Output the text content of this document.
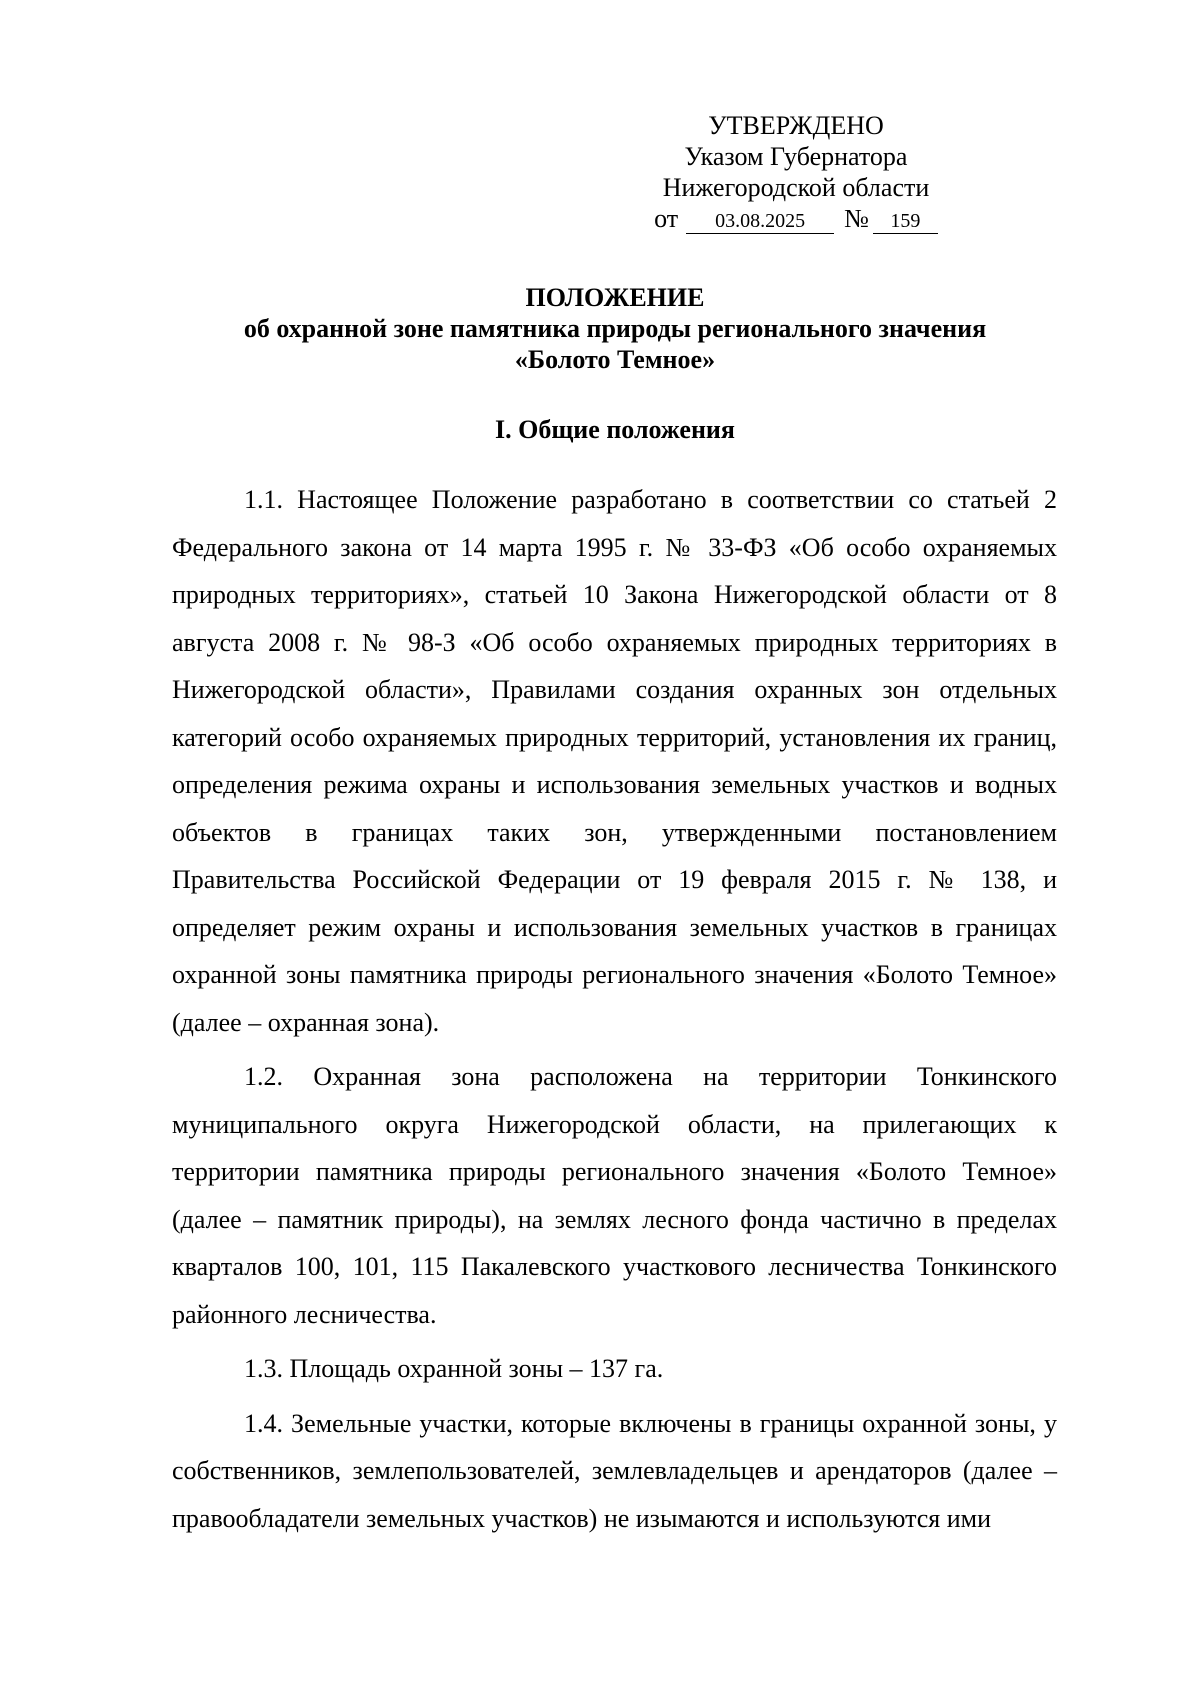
УТВЕРЖДЕНО
Указом Губернатора
Нижегородской области
от	03.08.2025	№	159
ПОЛОЖЕНИЕ
об охранной зоне памятника природы регионального значения
«Болото Темное»
I. Общие положения

1.1. Настоящее Положение разработано в соответствии со статьей 2 Федерального закона от 14 марта 1995 г. № 33-ФЗ «Об особо охраняемых природных территориях», статьей 10 Закона Нижегородской области от 8 августа 2008 г. № 98-З «Об особо охраняемых природных территориях в Нижегородской области», Правилами создания охранных зон отдельных категорий особо охраняемых природных территорий, установления их границ, определения режима охраны и использования земельных участков и водных объектов в границах таких зон, утвержденными постановлением Правительства Российской Федерации от 19 февраля 2015 г. № 138, и определяет режим охраны и использования земельных участков в границах охранной зоны памятника природы регионального значения «Болото Темное» (далее – охранная зона).

1.2. Охранная зона расположена на территории Тонкинского муниципального округа Нижегородской области, на прилегающих к территории памятника природы регионального значения «Болото Темное» (далее – памятник природы), на землях лесного фонда частично в пределах кварталов 100, 101, 115 Пакалевского участкового лесничества Тонкинского районного лесничества.

1.3. Площадь охранной зоны – 137 га.

1.4. Земельные участки, которые включены в границы охранной зоны, у собственников, землепользователей, землевладельцев и арендаторов (далее – правообладатели земельных участков) не изымаются и используются ими
